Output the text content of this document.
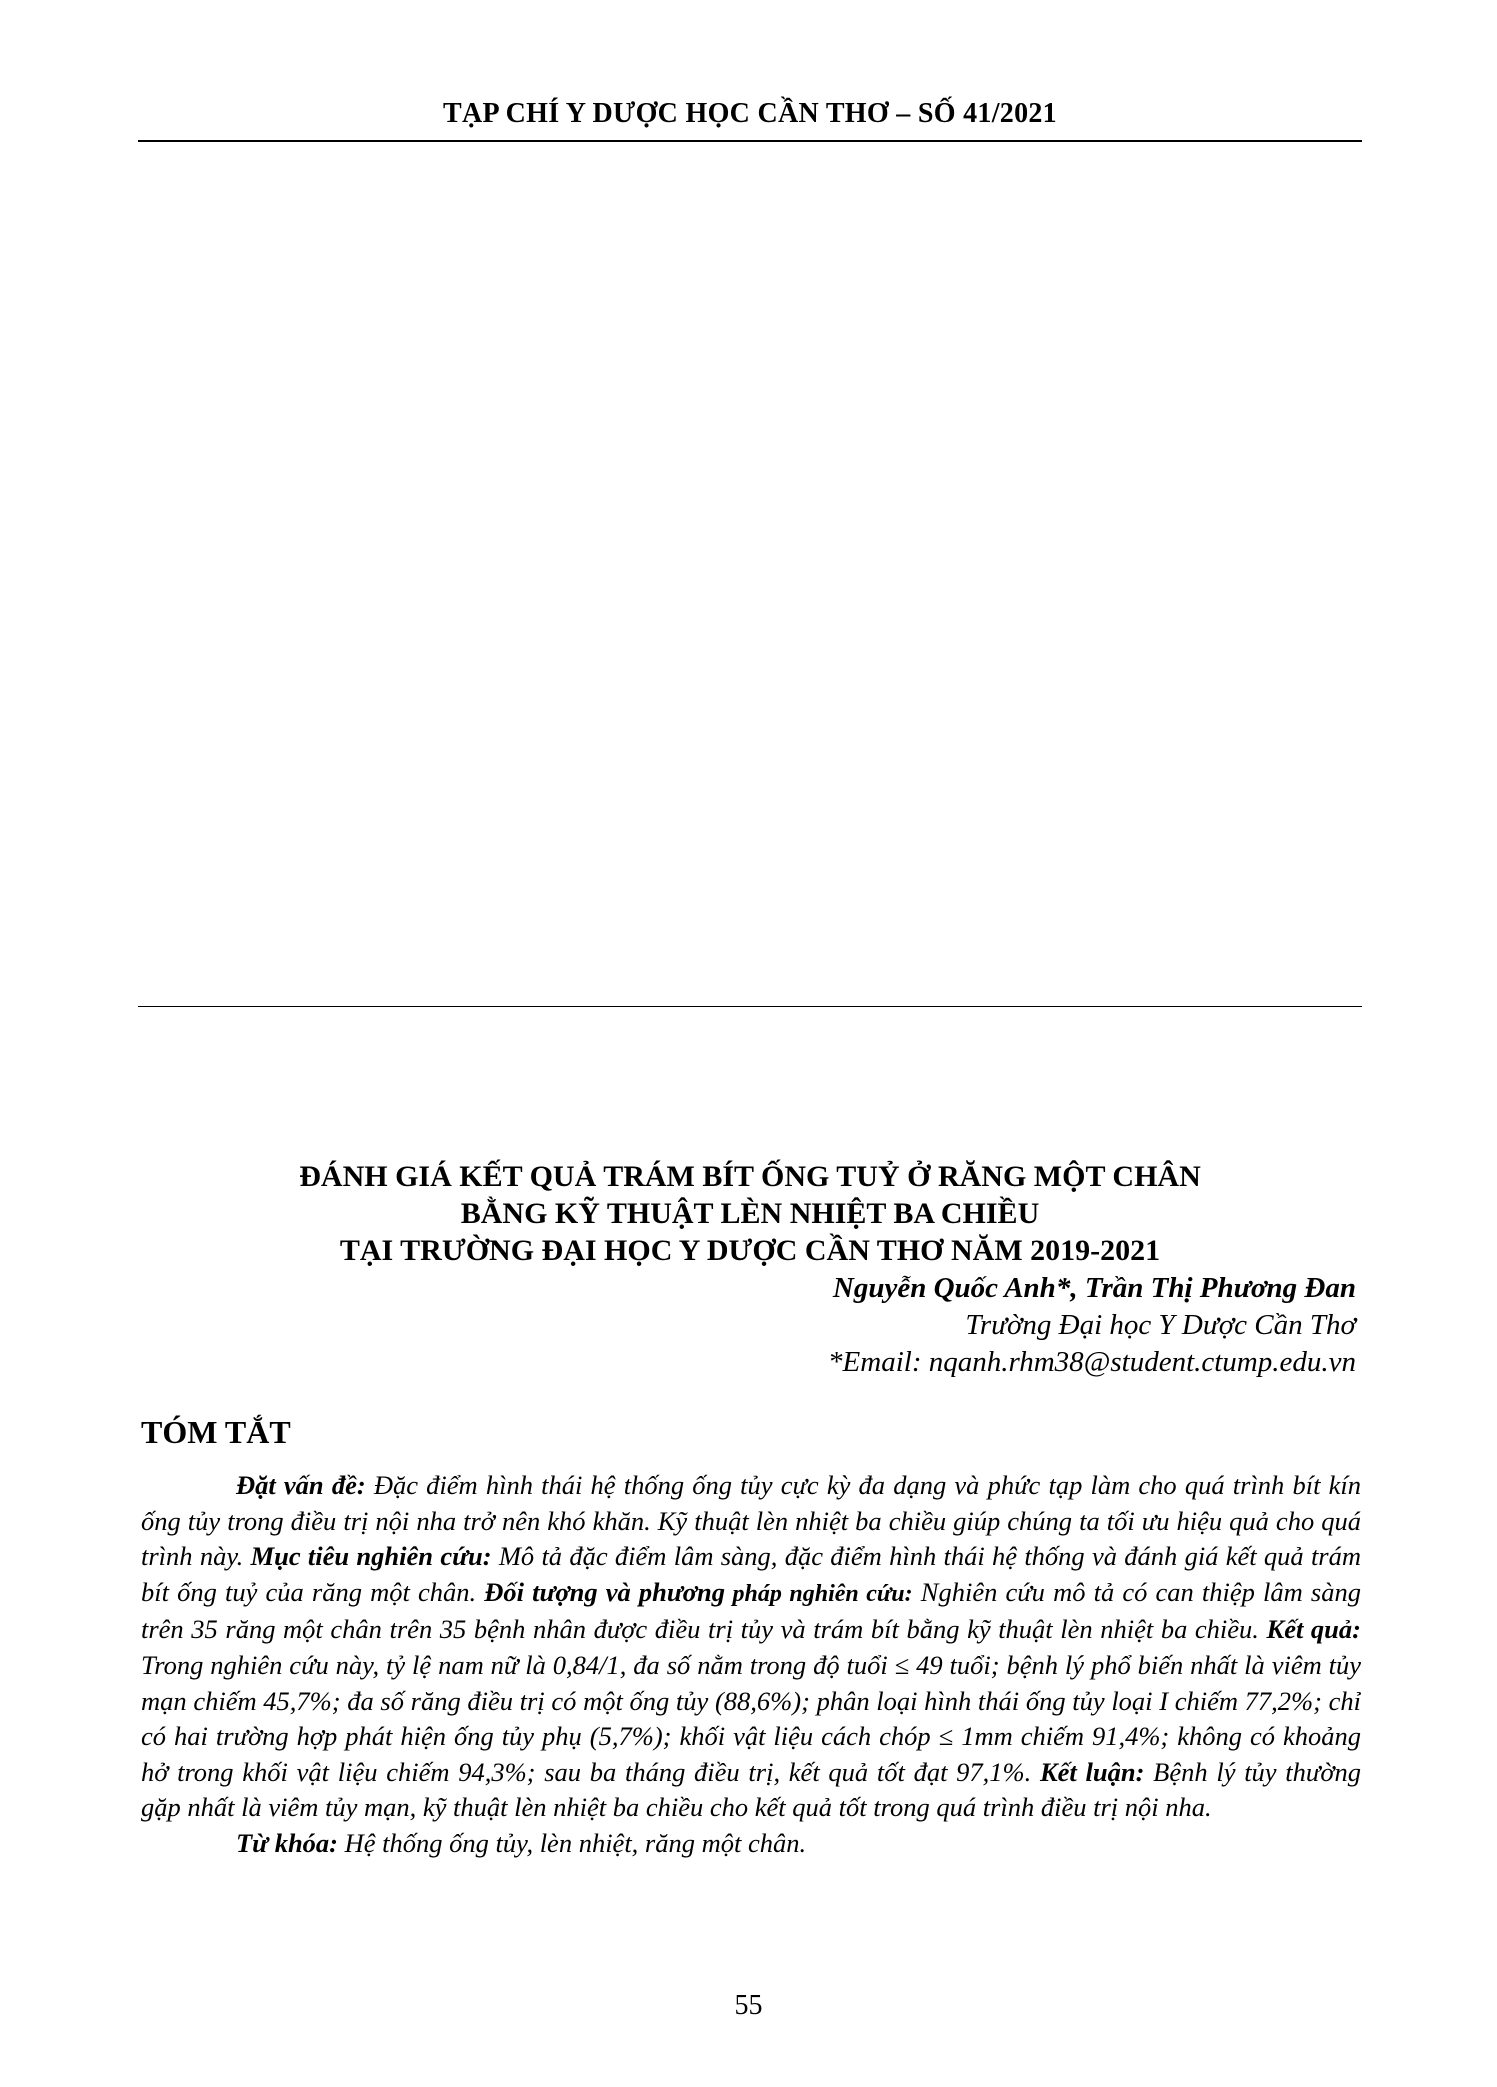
TẠP CHÍ Y DƯỢC HỌC CẦN THƠ – SỐ 41/2021
ĐÁNH GIÁ KẾT QUẢ TRÁM BÍT ỐNG TUỶ Ở RĂNG MỘT CHÂN
BẰNG KỸ THUẬT LÈN NHIỆT BA CHIỀU
TẠI TRƯỜNG ĐẠI HỌC Y DƯỢC CẦN THƠ NĂM 2019-2021
Nguyễn Quốc Anh*, Trần Thị Phương Đan
Trường Đại học Y Dược Cần Thơ
*Email: nqanh.rhm38@student.ctump.edu.vn
TÓM TẮT

Đặt vấn đề: Đặc điểm hình thái hệ thống ống tủy cực kỳ đa dạng và phức tạp làm cho quá trình bít kín ống tủy trong điều trị nội nha trở nên khó khăn. Kỹ thuật lèn nhiệt ba chiều giúp chúng ta tối ưu hiệu quả cho quá trình này. Mục tiêu nghiên cứu: Mô tả đặc điểm lâm sàng, đặc điểm hình thái hệ thống và đánh giá kết quả trám bít ống tuỷ của răng một chân. Đối tượng và phương pháp nghiên cứu: Nghiên cứu mô tả có can thiệp lâm sàng trên 35 răng một chân trên 35 bệnh nhân được điều trị tủy và trám bít bằng kỹ thuật lèn nhiệt ba chiều. Kết quả: Trong nghiên cứu này, tỷ lệ nam nữ là 0,84/1, đa số nằm trong độ tuổi ≤ 49 tuổi; bệnh lý phổ biến nhất là viêm tủy mạn chiếm 45,7%; đa số răng điều trị có một ống tủy (88,6%); phân loại hình thái ống tủy loại I chiếm 77,2%; chỉ có hai trường hợp phát hiện ống tủy phụ (5,7%); khối vật liệu cách chóp ≤ 1mm chiếm 91,4%; không có khoảng hở trong khối vật liệu chiếm 94,3%; sau ba tháng điều trị, kết quả tốt đạt 97,1%. Kết luận: Bệnh lý tủy thường gặp nhất là viêm tủy mạn, kỹ thuật lèn nhiệt ba chiều cho kết quả tốt trong quá trình điều trị nội nha.

Từ khóa: Hệ thống ống tủy, lèn nhiệt, răng một chân.

55
